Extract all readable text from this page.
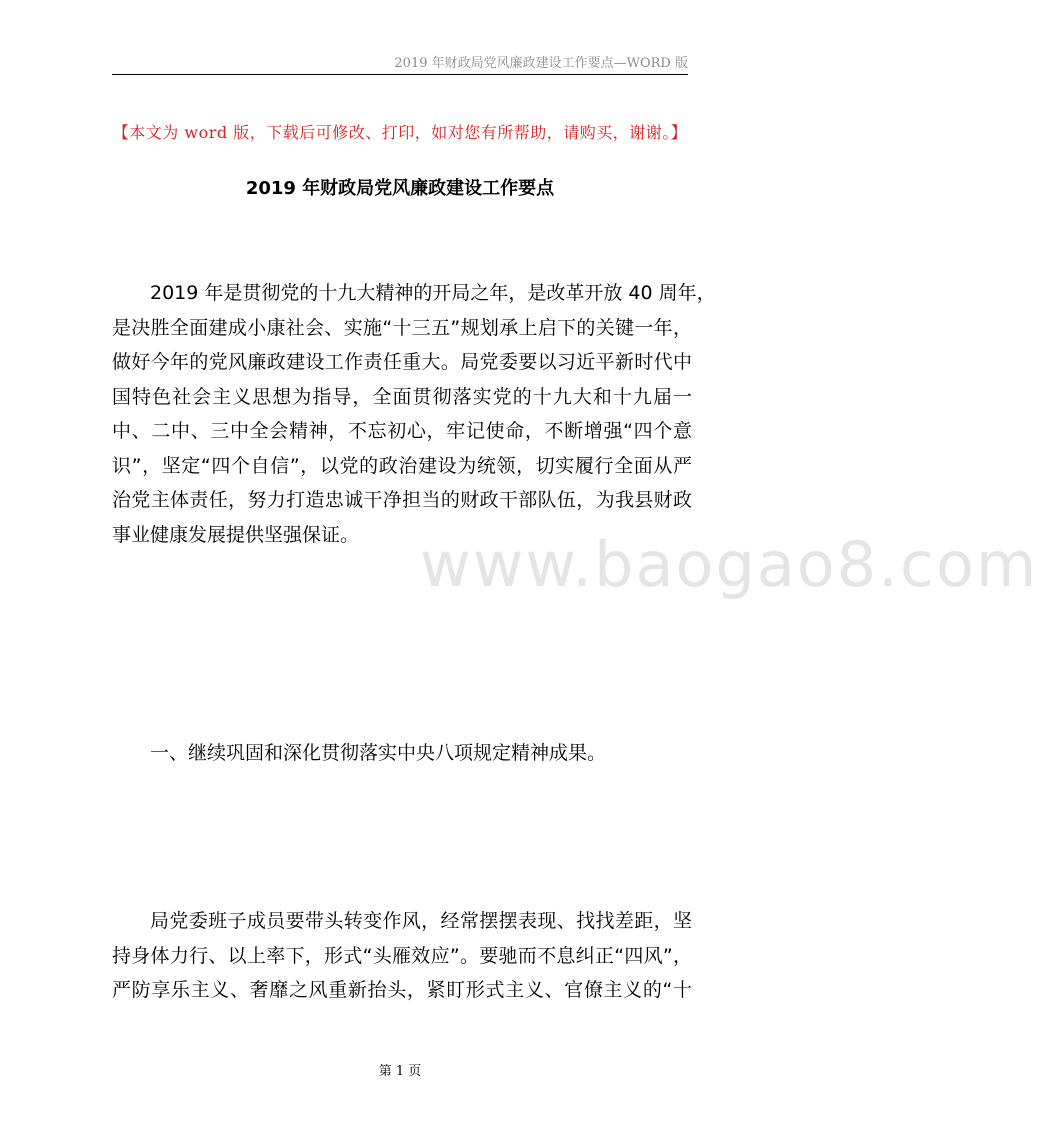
2019 年财政局党风廉政建设工作要点—WORD 版
【本文为 word 版，下载后可修改、打印，如对您有所帮助，请购买，谢谢。】
2019 年财政局党风廉政建设工作要点
2019 年是贯彻党的十九大精神的开局之年，是改革开放 40 周年，
是决胜全面建成小康社会、实施“十三五”规划承上启下的关键一年，
做好今年的党风廉政建设工作责任重大。局党委要以习近平新时代中
国特色社会主义思想为指导，全面贯彻落实党的十九大和十九届一
中、二中、三中全会精神，不忘初心，牢记使命，不断增强“四个意
识”，坚定“四个自信”，以党的政治建设为统领，切实履行全面从严
治党主体责任，努力打造忠诚干净担当的财政干部队伍，为我县财政
事业健康发展提供坚强保证。 www.baogao8.com
一、继续巩固和深化贯彻落实中央八项规定精神成果。
局党委班子成员要带头转变作风，经常摆摆表现、找找差距，坚
持身体力行、以上率下，形式“头雁效应”。要驰而不息纠正“四风”，
严防享乐主义、奢靡之风重新抬头，紧盯形式主义、官僚主义的“十
第 1 页
